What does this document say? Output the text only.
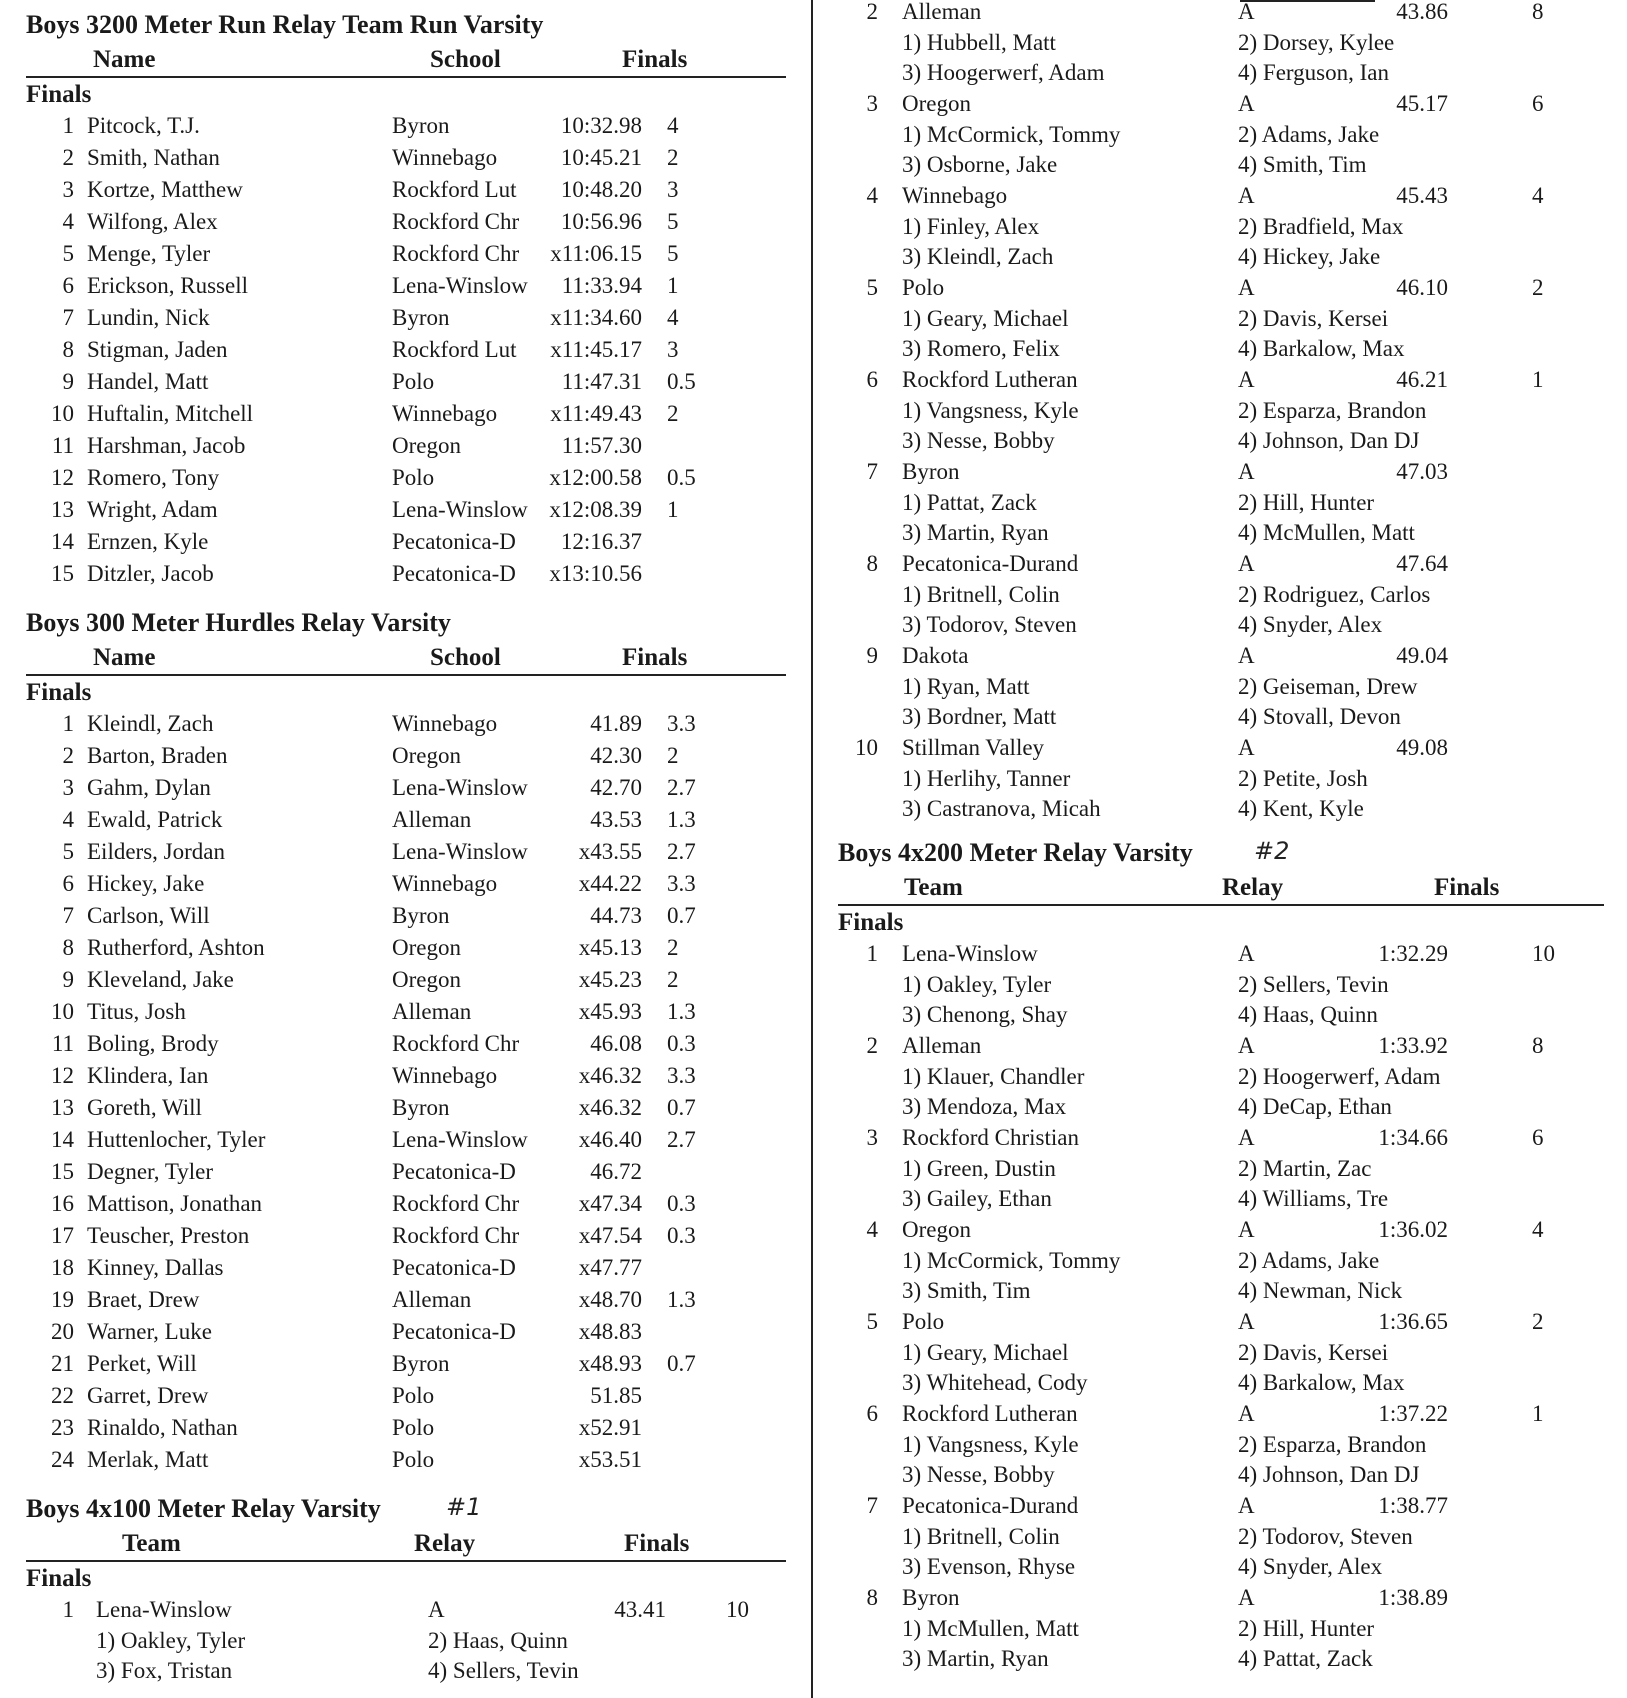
Boys 3200 Meter Run Relay Team Run Varsity
Name	School	Finals
Finals
1 Pitcock, T.J.	Byron	10:32.98 4
2 Smith, Nathan	Winnebago	10:45.21 2
3 Kortze, Matthew	Rockford Lut	10:48.20 3
4 Wilfong, Alex	Rockford Chr	10:56.96 5
5 Menge, Tyler	Rockford Chr	x11:06.15 5
6 Erickson, Russell	Lena-Winslow	11:33.94 1
7 Lundin, Nick	Byron	x11:34.60 4
8 Stigman, Jaden	Rockford Lut	x11:45.17 3
9 Handel, Matt	Polo	11:47.31 0.5
10 Huftalin, Mitchell	Winnebago	x11:49.43 2
11 Harshman, Jacob	Oregon	11:57.30
12 Romero, Tony	Polo	x12:00.58 0.5
13 Wright, Adam	Lena-Winslow x12:08.39 1
14 Ernzen, Kyle	Pecatonica-D	12:16.37
15 Ditzler, Jacob	Pecatonica-D	x13:10.56
Boys 300 Meter Hurdles Relay Varsity
Name	School	Finals
Finals
1 Kleindl, Zach	Winnebago	41.89 3.3
2 Barton, Braden	Oregon	42.30 2
3 Gahm, Dylan	Lena-Winslow	42.70 2.7
4 Ewald, Patrick	Alleman	43.53 1.3
5 Eilders, Jordan	Lena-Winslow	x43.55 2.7
6 Hickey, Jake	Winnebago	x44.22 3.3
7 Carlson, Will	Byron	44.73 0.7
8 Rutherford, Ashton	Oregon	x45.13 2
9 Kleveland, Jake	Oregon	x45.23 2
10 Titus, Josh	Alleman	x45.93 1.3
11 Boling, Brody	Rockford Chr	46.08 0.3
12 Klindera, Ian	Winnebago	x46.32 3.3
13 Goreth, Will	Byron	x46.32 0.7
14 Huttenlocher, Tyler	Lena-Winslow	x46.40 2.7
15 Degner, Tyler	Pecatonica-D	46.72
16 Mattison, Jonathan	Rockford Chr	x47.34 0.3
17 Teuscher, Preston	Rockford Chr	x47.54 0.3
18 Kinney, Dallas	Pecatonica-D	x47.77
19 Braet, Drew	Alleman	x48.70 1.3
20 Warner, Luke	Pecatonica-D	x48.83
21 Perket, Will	Byron	x48.93 0.7
22 Garret, Drew	Polo	51.85
23 Rinaldo, Nathan	Polo	x52.91
24 Merlak, Matt	Polo	x53.51
Boys 4x100 Meter Relay Varsity	#1
Team	Relay	Finals
Finals
1 Lena-Winslow	A	43.41	10
1) Oakley, Tyler	2) Haas, Quinn
3) Fox, Tristan	4) Sellers, Tevin
2 Alleman	A	43.86	8
1) Hubbell, Matt	2) Dorsey, Kylee
3) Hoogerwerf, Adam	4) Ferguson, Ian
3 Oregon	A	45.17	6
1) McCormick, Tommy	2) Adams, Jake
3) Osborne, Jake	4) Smith, Tim
4 Winnebago	A	45.43	4
1) Finley, Alex	2) Bradfield, Max
3) Kleindl, Zach	4) Hickey, Jake
5 Polo	A	46.10	2
1) Geary, Michael	2) Davis, Kersei
3) Romero, Felix	4) Barkalow, Max
6 Rockford Lutheran	A	46.21	1
1) Vangsness, Kyle	2) Esparza, Brandon
3) Nesse, Bobby	4) Johnson, Dan DJ
7 Byron	A	47.03
1) Pattat, Zack	2) Hill, Hunter
3) Martin, Ryan	4) McMullen, Matt
8 Pecatonica-Durand	A	47.64
1) Britnell, Colin	2) Rodriguez, Carlos
3) Todorov, Steven	4) Snyder, Alex
9 Dakota	A	49.04
1) Ryan, Matt	2) Geiseman, Drew
3) Bordner, Matt	4) Stovall, Devon
10 Stillman Valley	A	49.08
1) Herlihy, Tanner	2) Petite, Josh
3) Castranova, Micah	4) Kent, Kyle
Boys 4x200 Meter Relay Varsity	#2
Team	Relay	Finals
Finals
1 Lena-Winslow	A	1:32.29	10
1) Oakley, Tyler	2) Sellers, Tevin
3) Chenong, Shay	4) Haas, Quinn
2 Alleman	A	1:33.92	8
1) Klauer, Chandler	2) Hoogerwerf, Adam
3) Mendoza, Max	4) DeCap, Ethan
3 Rockford Christian	A	1:34.66	6
1) Green, Dustin	2) Martin, Zac
3) Gailey, Ethan	4) Williams, Tre
4 Oregon	A	1:36.02	4
1) McCormick, Tommy	2) Adams, Jake
3) Smith, Tim	4) Newman, Nick
5 Polo	A	1:36.65	2
1) Geary, Michael	2) Davis, Kersei
3) Whitehead, Cody	4) Barkalow, Max
6 Rockford Lutheran	A	1:37.22	1
1) Vangsness, Kyle	2) Esparza, Brandon
3) Nesse, Bobby	4) Johnson, Dan DJ
7 Pecatonica-Durand	A	1:38.77
1) Britnell, Colin	2) Todorov, Steven
3) Evenson, Rhyse	4) Snyder, Alex
8 Byron	A	1:38.89
1) McMullen, Matt	2) Hill, Hunter
3) Martin, Ryan	4) Pattat, Zack
